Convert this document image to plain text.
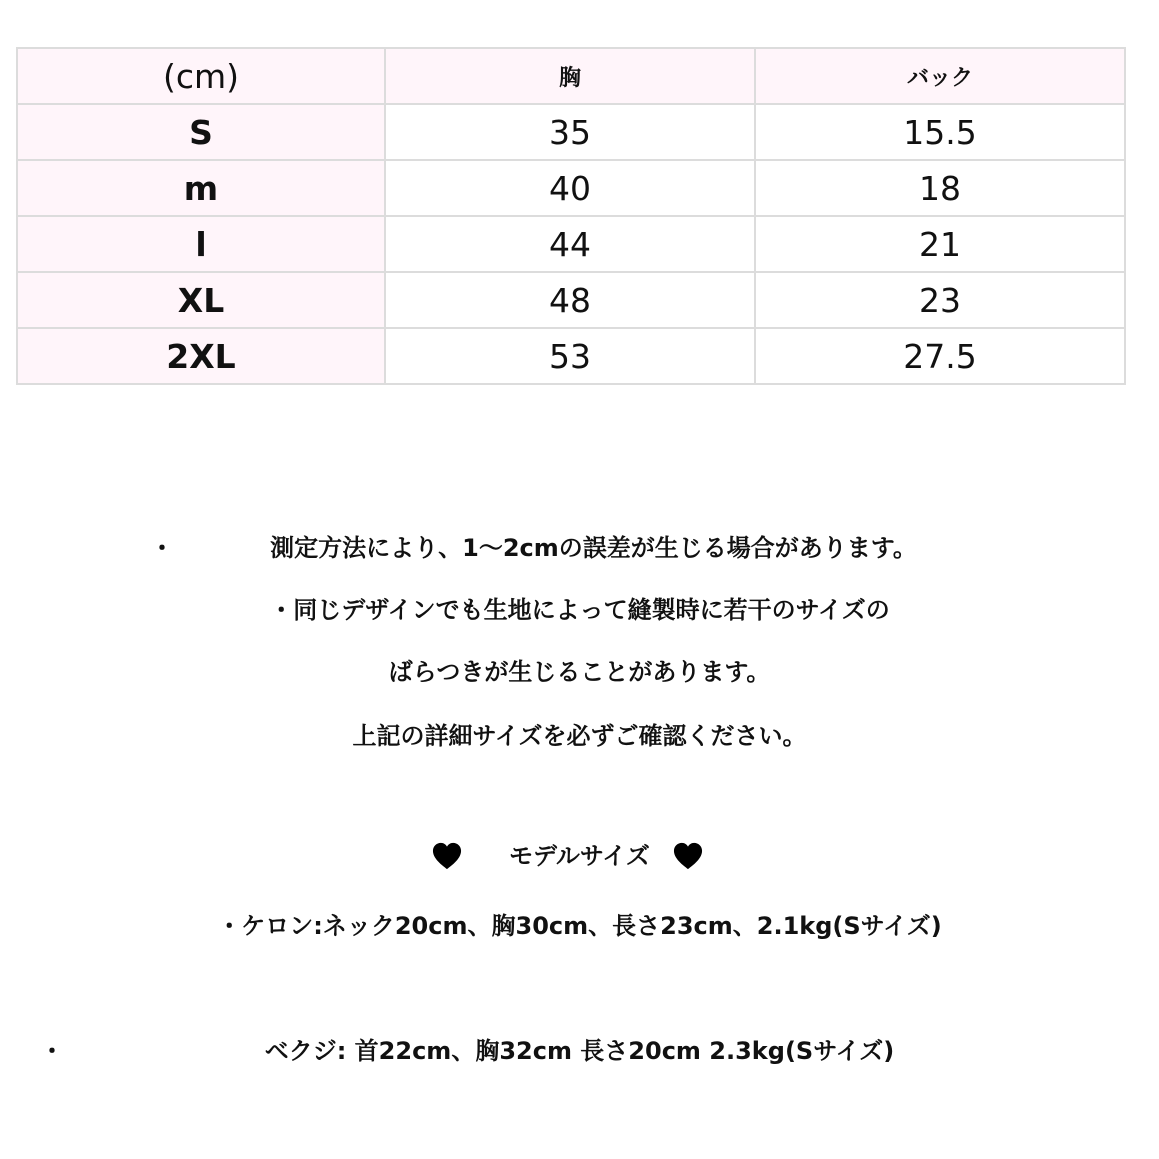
(cm)	胸	バック
S	35	15.5
m	40	18
l	44	21
XL	48	23
2XL	53	27.5
・	測定方法により、1〜2cmの誤差が生じる場合があります。
・同じデザインでも生地によって縫製時に若干のサイズの
ばらつきが生じることがあります。
上記の詳細サイズを必ずご確認ください。
モデルサイズ
・ケロン:ネック20cm、胸30cm、長さ23cm、2.1kg(Sサイズ)
・	ベクジ: 首22cm、胸32cm 長さ20cm 2.3kg(Sサイズ)
